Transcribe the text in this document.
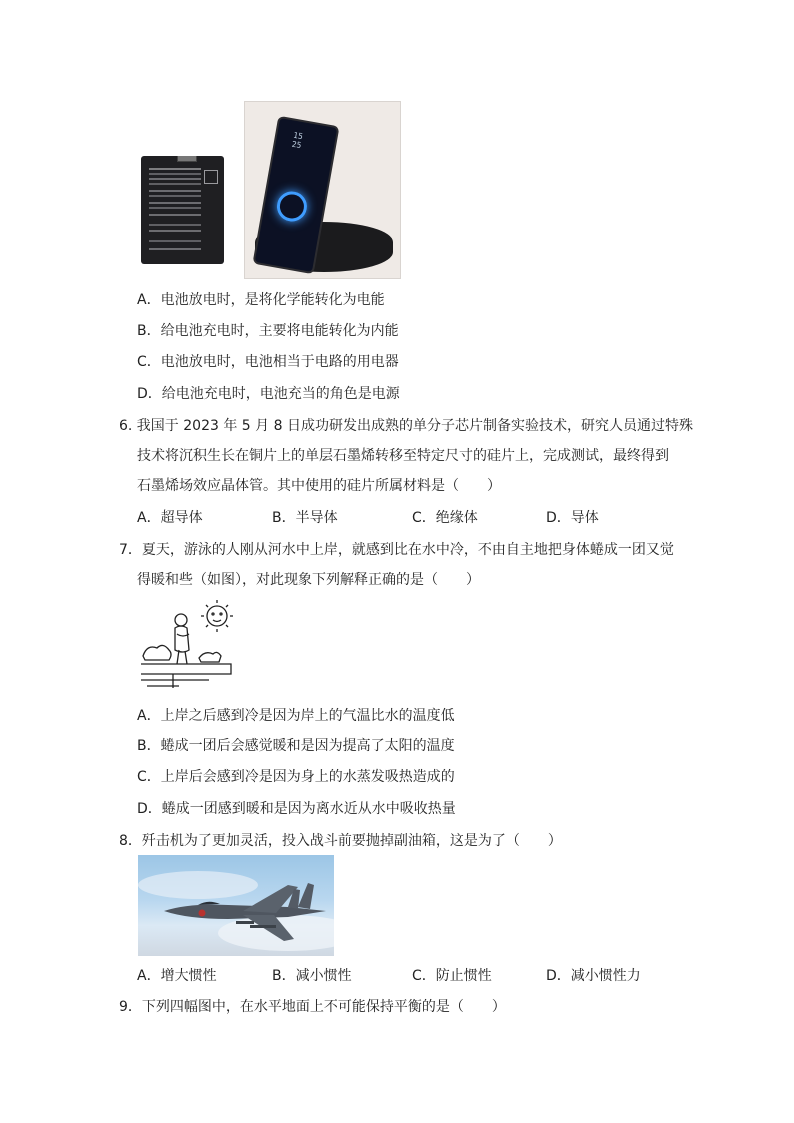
15
25
A．电池放电时，是将化学能转化为电能
B．给电池充电时，主要将电能转化为内能
C．电池放电时，电池相当于电路的用电器
D．给电池充电时，电池充当的角色是电源
6. 我国于 2023 年 5 月 8 日成功研发出成熟的单分子芯片制备实验技术，研究人员通过特殊
技术将沉积生长在铜片上的单层石墨烯转移至特定尺寸的硅片上，完成测试，最终得到
石墨烯场效应晶体管。其中使用的硅片所属材料是（　　）
A．超导体	B．半导体	C．绝缘体	D．导体
7．夏天，游泳的人刚从河水中上岸，就感到比在水中冷，不由自主地把身体蜷成一团又觉
得暖和些（如图），对此现象下列解释正确的是（　　）
A．上岸之后感到冷是因为岸上的气温比水的温度低
B．蜷成一团后会感觉暖和是因为提高了太阳的温度
C．上岸后会感到冷是因为身上的水蒸发吸热造成的
D．蜷成一团感到暖和是因为离水近从水中吸收热量
8．歼击机为了更加灵活，投入战斗前要抛掉副油箱，这是为了（　　）
A．增大惯性	B．减小惯性	C．防止惯性	D．减小惯性力
9．下列四幅图中，在水平地面上不可能保持平衡的是（　　）
